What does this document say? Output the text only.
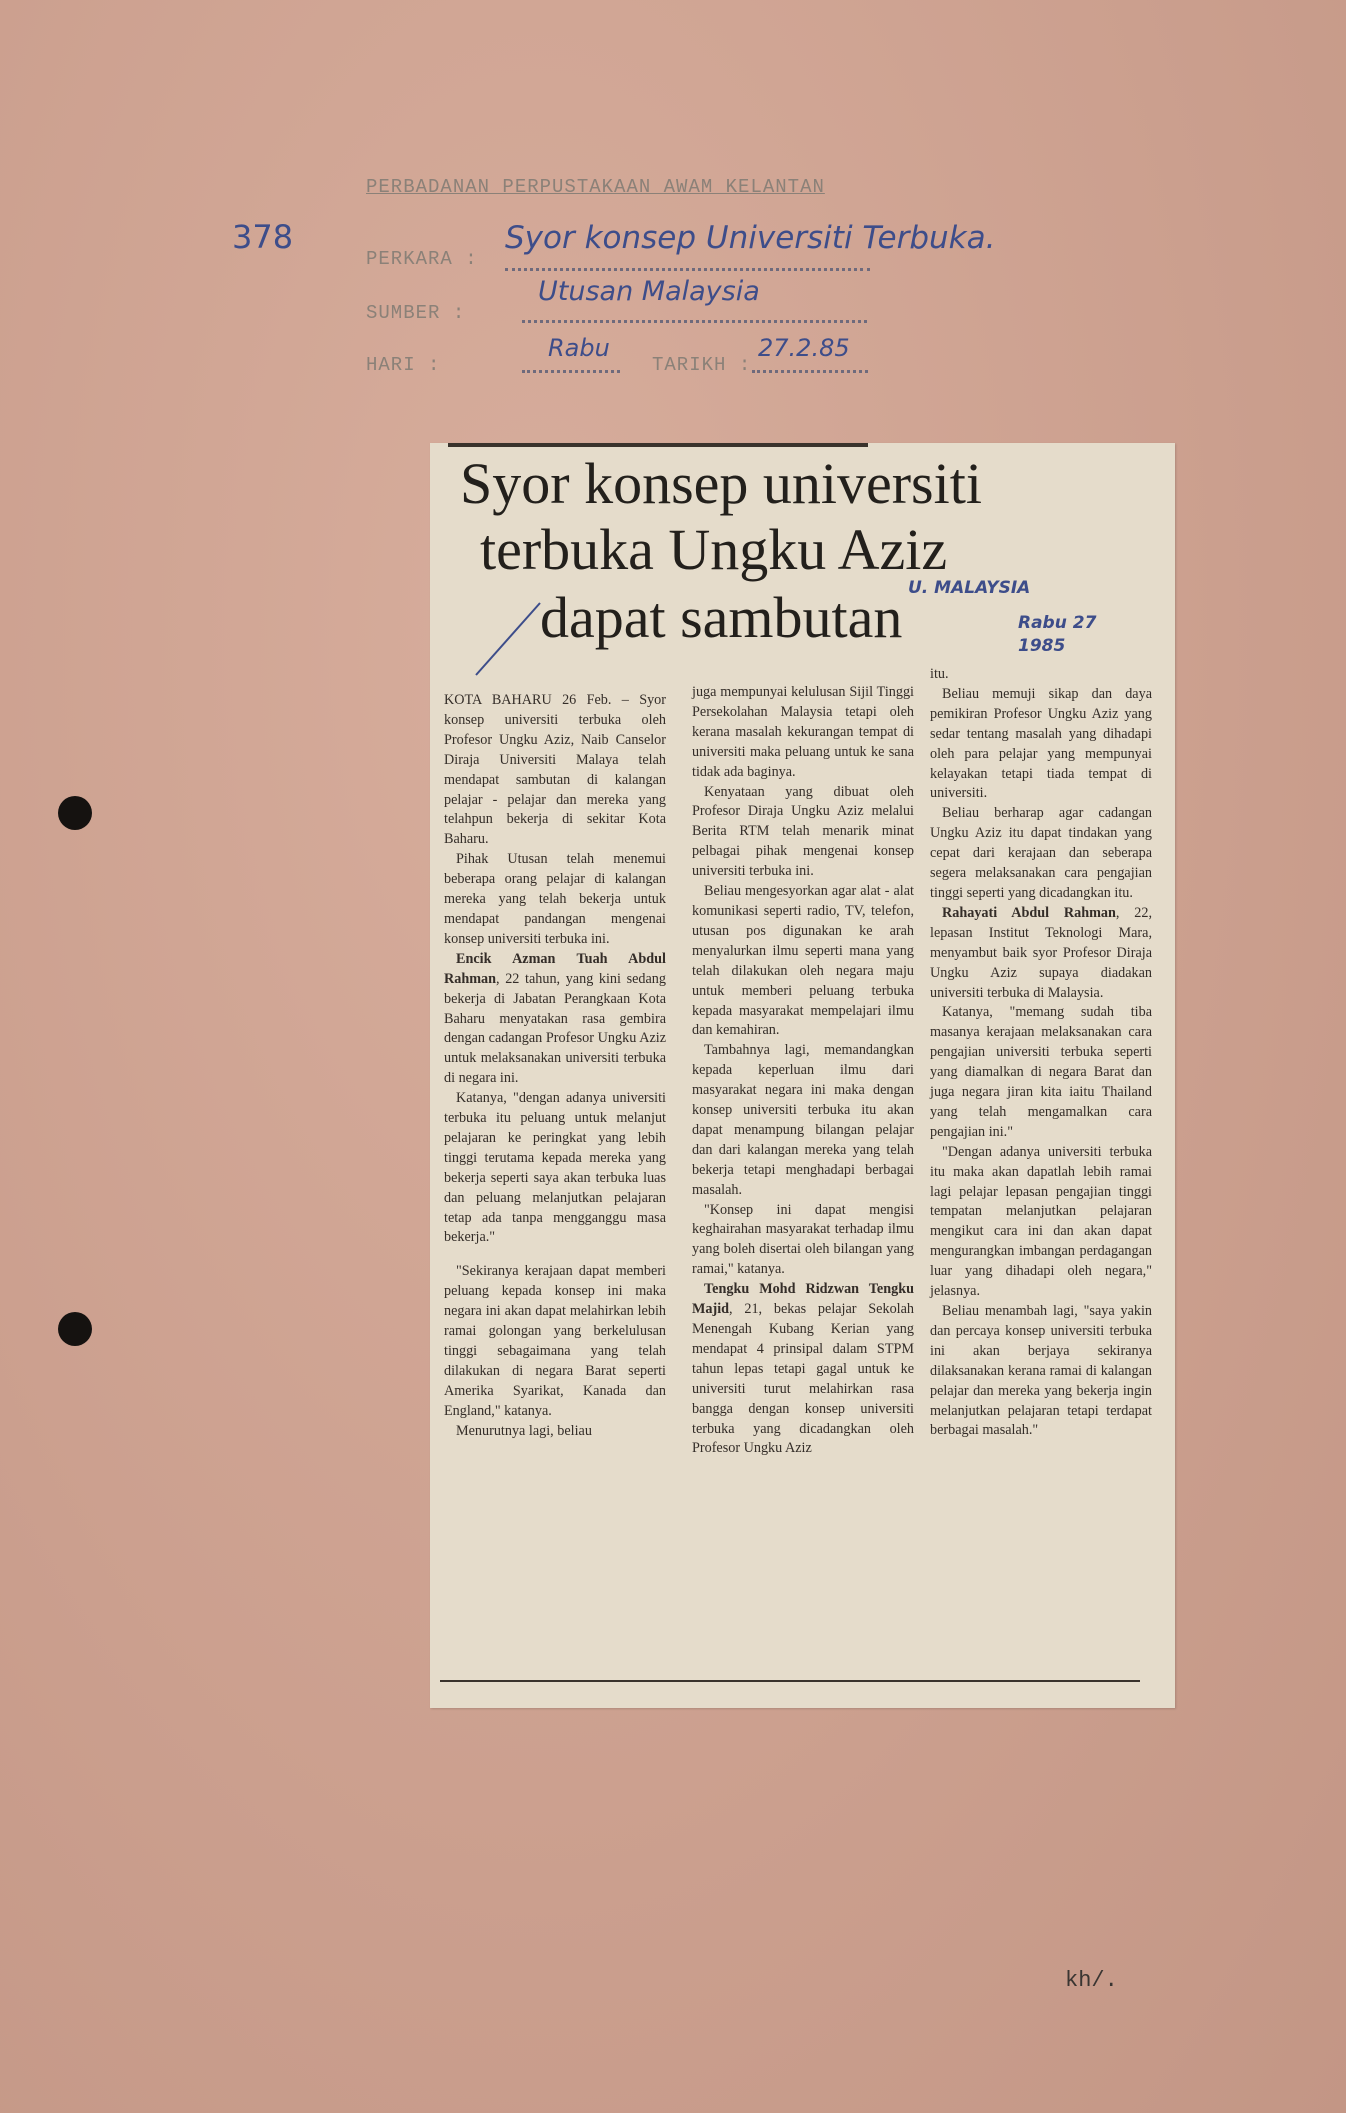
PERBADANAN PERPUSTAKAAN AWAM KELANTAN
378
PERKARA :
Syor konsep Universiti Terbuka.
SUMBER :
Utusan Malaysia
HARI :
Rabu
TARIKH :
27.2.85
Syor konsep universiti
terbuka Ungku Aziz
dapat sambutan U. MALAYSIA
Rabu 27
1985

KOTA BAHARU 26 Feb. – Syor konsep universiti terbuka oleh Profesor Ungku Aziz, Naib Canselor Diraja Universiti Malaya telah mendapat sambutan di kalangan pelajar - pelajar dan mereka yang telahpun bekerja di sekitar Kota Baharu.

Pihak Utusan telah menemui beberapa orang pelajar di kalangan mereka yang telah bekerja untuk mendapat pandangan mengenai konsep universiti terbuka ini.

Encik Azman Tuah Abdul Rahman, 22 tahun, yang kini sedang bekerja di Jabatan Perangkaan Kota Baharu menyatakan rasa gembira dengan cadangan Profesor Ungku Aziz untuk melaksanakan universiti terbuka di negara ini.

Katanya, "dengan adanya universiti terbuka itu peluang untuk melanjut pelajaran ke peringkat yang lebih tinggi terutama kepada mereka yang bekerja seperti saya akan terbuka luas dan peluang melanjutkan pelajaran tetap ada tanpa mengganggu masa bekerja."

"Sekiranya kerajaan dapat memberi peluang kepada konsep ini maka negara ini akan dapat melahirkan lebih ramai golongan yang berkelulusan tinggi sebagaimana yang telah dilakukan di negara Barat seperti Amerika Syarikat, Kanada dan England," katanya.

Menurutnya lagi, beliau

juga mempunyai kelulusan Sijil Tinggi Persekolahan Malaysia tetapi oleh kerana masalah kekurangan tempat di universiti maka peluang untuk ke sana tidak ada baginya.

Kenyataan yang dibuat oleh Profesor Diraja Ungku Aziz melalui Berita RTM telah menarik minat pelbagai pihak mengenai konsep universiti terbuka ini.

Beliau mengesyorkan agar alat - alat komunikasi seperti radio, TV, telefon, utusan pos digunakan ke arah menyalurkan ilmu seperti mana yang telah dilakukan oleh negara maju untuk memberi peluang terbuka kepada masyarakat mempelajari ilmu dan kemahiran.

Tambahnya lagi, memandangkan kepada keperluan ilmu dari masyarakat negara ini maka dengan konsep universiti terbuka itu akan dapat menampung bilangan pelajar dan dari kalangan mereka yang telah bekerja tetapi menghadapi berbagai masalah.

"Konsep ini dapat mengisi keghairahan masyarakat terhadap ilmu yang boleh disertai oleh bilangan yang ramai," katanya.

Tengku Mohd Ridzwan Tengku Majid, 21, bekas pelajar Sekolah Menengah Kubang Kerian yang mendapat 4 prinsipal dalam STPM tahun lepas tetapi gagal untuk ke universiti turut melahirkan rasa bangga dengan konsep universiti terbuka yang dicadangkan oleh Profesor Ungku Aziz

itu.

Beliau memuji sikap dan daya pemikiran Profesor Ungku Aziz yang sedar tentang masalah yang dihadapi oleh para pelajar yang mempunyai kelayakan tetapi tiada tempat di universiti.

Beliau berharap agar cadangan Ungku Aziz itu dapat tindakan yang cepat dari kerajaan dan seberapa segera melaksanakan cara pengajian tinggi seperti yang dicadangkan itu.

Rahayati Abdul Rahman, 22, lepasan Institut Teknologi Mara, menyambut baik syor Profesor Diraja Ungku Aziz supaya diadakan universiti terbuka di Malaysia.

Katanya, "memang sudah tiba masanya kerajaan melaksanakan cara pengajian universiti terbuka seperti yang diamalkan di negara Barat dan juga negara jiran kita iaitu Thailand yang telah mengamalkan cara pengajian ini."

"Dengan adanya universiti terbuka itu maka akan dapatlah lebih ramai lagi pelajar lepasan pengajian tinggi tempatan melanjutkan pelajaran mengikut cara ini dan akan dapat mengurangkan imbangan perdagangan luar yang dihadapi oleh negara," jelasnya.

Beliau menambah lagi, "saya yakin dan percaya konsep universiti terbuka ini akan berjaya sekiranya dilaksanakan kerana ramai di kalangan pelajar dan mereka yang bekerja ingin melanjutkan pelajaran tetapi terdapat berbagai masalah."

kh/.
